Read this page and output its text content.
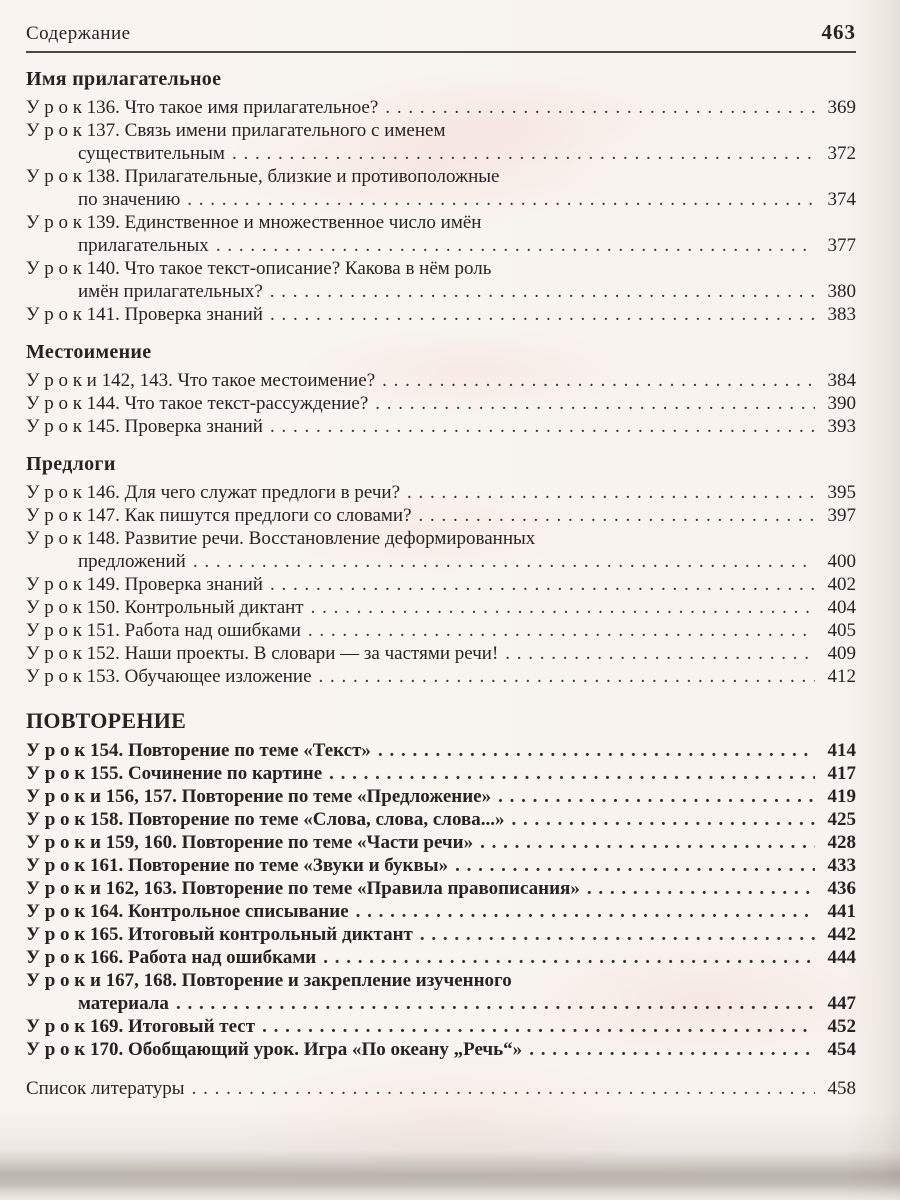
Содержание	463
Имя прилагательное
У р о к 136. Что такое имя прилагательное? . . .	369
У р о к 137. Связь имени прилагательного с именем
существительным . . .	372
У р о к 138. Прилагательные, близкие и противоположные
по значению . . .	374
У р о к 139. Единственное и множественное число имён
прилагательных . . .	377
У р о к 140. Что такое текст-описание? Какова в нём роль
имён прилагательных? . . .	380
У р о к 141. Проверка знаний . . .	383
Местоимение
У р о к и 142, 143. Что такое местоимение? . . .	384
У р о к 144. Что такое текст-рассуждение? . . .	390
У р о к 145. Проверка знаний . . .	393
Предлоги
У р о к 146. Для чего служат предлоги в речи? . . .	395
У р о к 147. Как пишутся предлоги со словами? . . .	397
У р о к 148. Развитие речи. Восстановление деформированных
предложений . . .	400
У р о к 149. Проверка знаний . . .	402
У р о к 150. Контрольный диктант . . .	404
У р о к 151. Работа над ошибками . . .	405
У р о к 152. Наши проекты. В словари — за частями речи! . . .	409
У р о к 153. Обучающее изложение . . .	412
ПОВТОРЕНИЕ
У р о к 154. Повторение по теме «Текст» . . .	414
У р о к 155. Сочинение по картине . . .	417
У р о к и 156, 157. Повторение по теме «Предложение» . . .	419
У р о к 158. Повторение по теме «Слова, слова, слова...» . . .	425
У р о к и 159, 160. Повторение по теме «Части речи» . . .	428
У р о к 161. Повторение по теме «Звуки и буквы» . . .	433
У р о к и 162, 163. Повторение по теме «Правила правописания» . . .	436
У р о к 164. Контрольное списывание . . .	441
У р о к 165. Итоговый контрольный диктант . . .	442
У р о к 166. Работа над ошибками . . .	444
У р о к и 167, 168. Повторение и закрепление изученного
материала . . .	447
У р о к 169. Итоговый тест . . .	452
У р о к 170. Обобщающий урок. Игра «По океану „Речь“» . . .	454
Список литературы . . .	458
